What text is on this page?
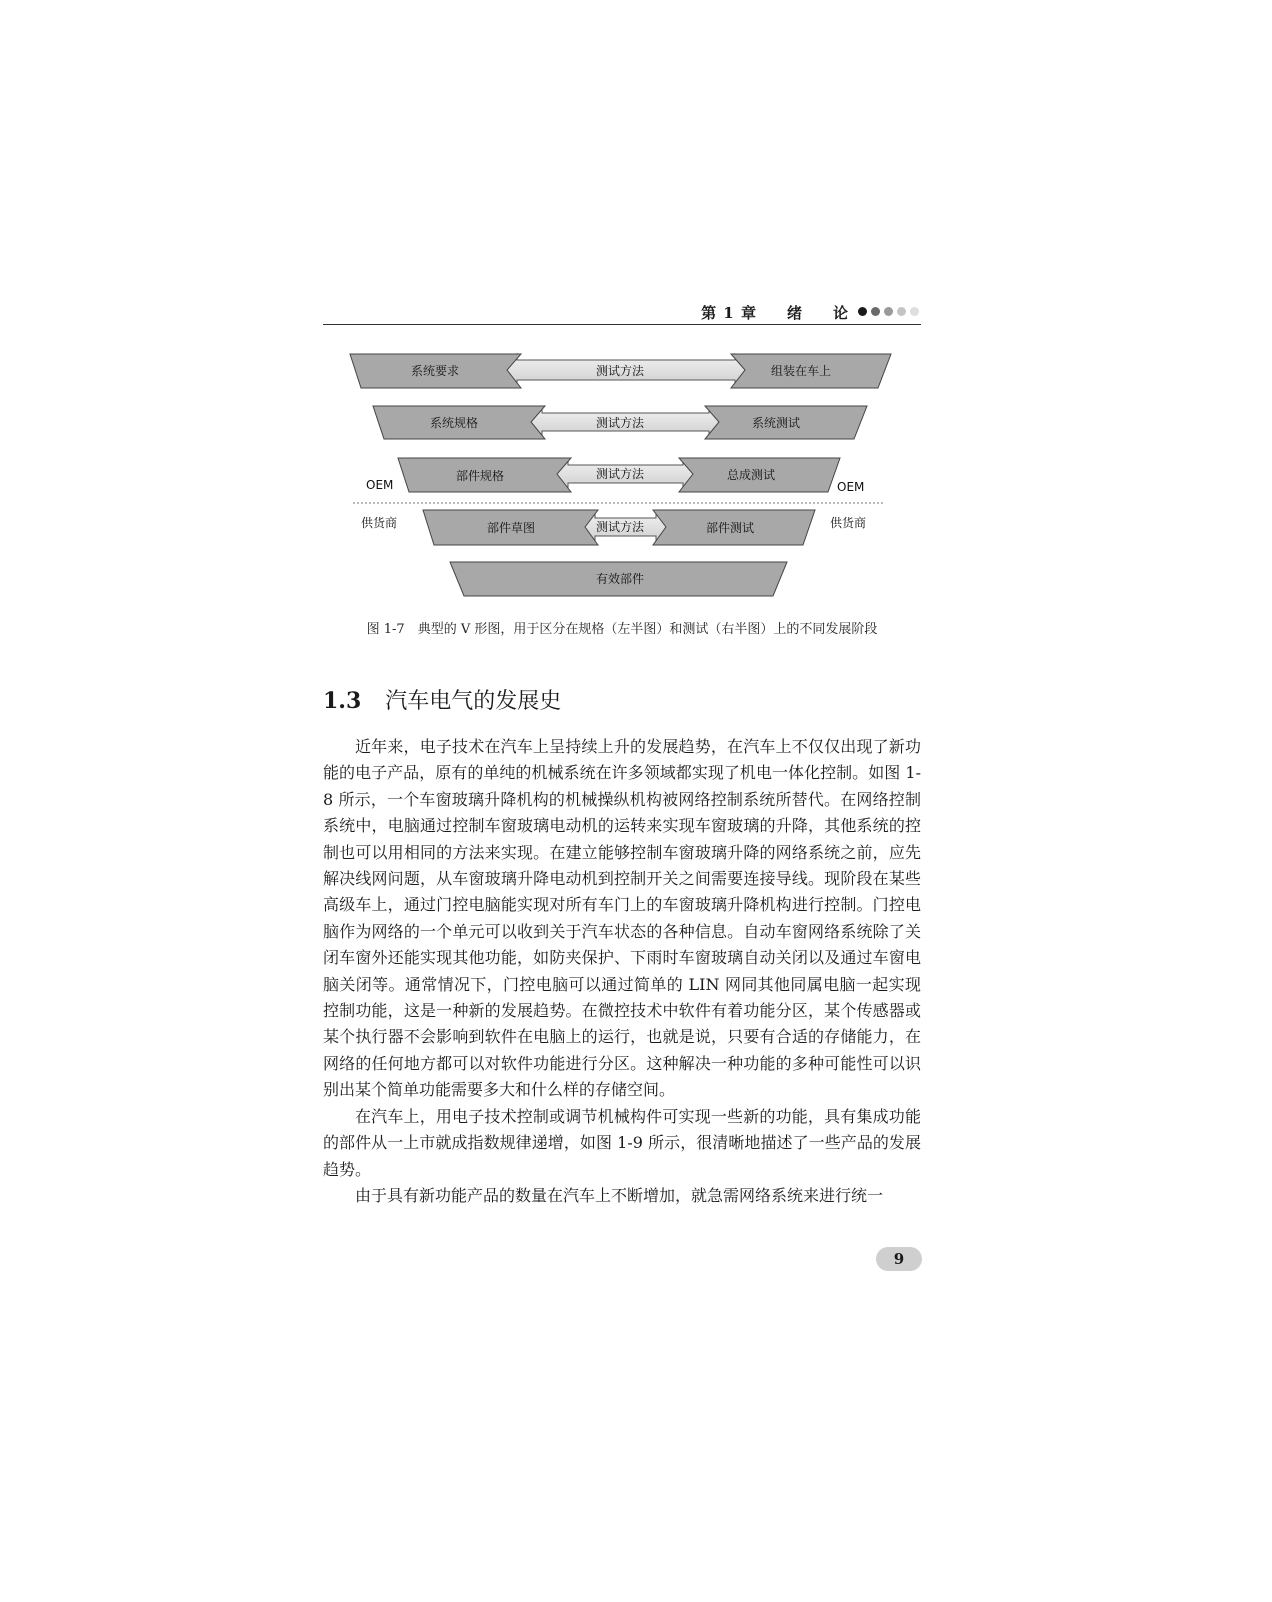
第 1 章 绪 论
系统要求	测试方法	组装在车上
系统规格	测试方法	系统测试
部件规格	测试方法	总成测试
部件草图	测试方法	部件测试
有效部件
OEM	OEM
供货商	供货商
图 1-7　典型的 V 形图，用于区分在规格（左半图）和测试（右半图）上的不同发展阶段
1.3 汽车电气的发展史

近年来，电子技术在汽车上呈持续上升的发展趋势，在汽车上不仅仅出现了新功能的电子产品，原有的单纯的机械系统在许多领域都实现了机电一体化控制。如图 1-8 所示，一个车窗玻璃升降机构的机械操纵机构被网络控制系统所替代。在网络控制系统中，电脑通过控制车窗玻璃电动机的运转来实现车窗玻璃的升降，其他系统的控制也可以用相同的方法来实现。在建立能够控制车窗玻璃升降的网络系统之前，应先解决线网问题，从车窗玻璃升降电动机到控制开关之间需要连接导线。现阶段在某些高级车上，通过门控电脑能实现对所有车门上的车窗玻璃升降机构进行控制。门控电脑作为网络的一个单元可以收到关于汽车状态的各种信息。自动车窗网络系统除了关闭车窗外还能实现其他功能，如防夹保护、下雨时车窗玻璃自动关闭以及通过车窗电脑关闭等。通常情况下，门控电脑可以通过简单的 LIN 网同其他同属电脑一起实现控制功能，这是一种新的发展趋势。在微控技术中软件有着功能分区，某个传感器或某个执行器不会影响到软件在电脑上的运行，也就是说，只要有合适的存储能力，在网络的任何地方都可以对软件功能进行分区。这种解决一种功能的多种可能性可以识别出某个简单功能需要多大和什么样的存储空间。

在汽车上，用电子技术控制或调节机械构件可实现一些新的功能，具有集成功能的部件从一上市就成指数规律递增，如图 1-9 所示，很清晰地描述了一些产品的发展趋势。

由于具有新功能产品的数量在汽车上不断增加，就急需网络系统来进行统一

9
